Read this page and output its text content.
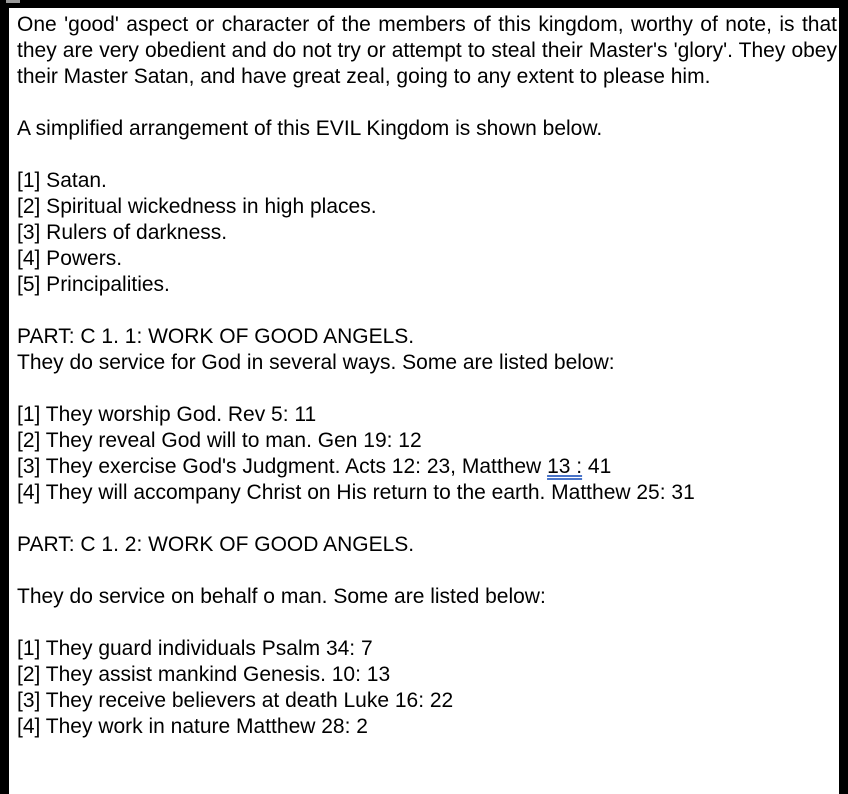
One 'good' aspect or character of the members of this kingdom, worthy of note, is that they are very obedient and do not try or attempt to steal their Master's 'glory'. They obey their Master Satan, and have great zeal, going to any extent to please him.

A simplified arrangement of this EVIL Kingdom is shown below.

[1] Satan.

[2] Spiritual wickedness in high places.

[3] Rulers of darkness.

[4] Powers.

[5] Principalities.

PART: C 1. 1: WORK OF GOOD ANGELS.

They do service for God in several ways. Some are listed below:

[1] They worship God. Rev 5: 11

[2] They reveal God will to man. Gen 19: 12

[3] They exercise God's Judgment. Acts 12: 23, Matthew 13 : 41

[4] They will accompany Christ on His return to the earth. Matthew 25: 31

PART: C 1. 2: WORK OF GOOD ANGELS.

They do service on behalf o man. Some are listed below:

[1] They guard individuals Psalm 34: 7

[2] They assist mankind Genesis. 10: 13

[3] They receive believers at death Luke 16: 22

[4] They work in nature Matthew 28: 2
